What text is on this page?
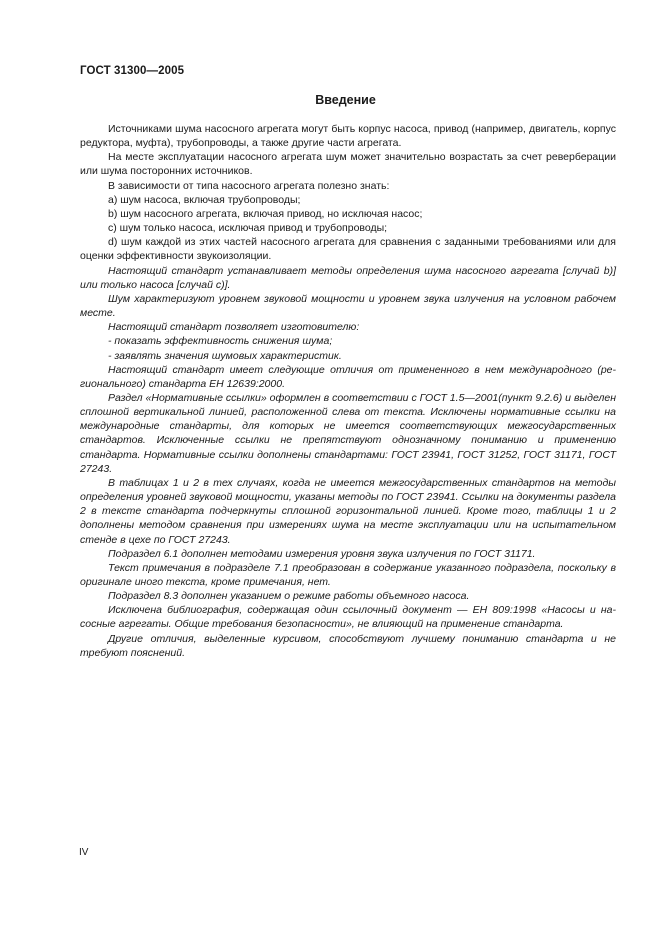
ГОСТ 31300—2005

Введение

Источниками шума насосного агрегата могут быть корпус насоса, привод (например, двигатель, корпус редуктора, муфта), трубопроводы, а также другие части агрегата.

На месте эксплуатации насосного агрегата шум может значительно возрастать за счет реверберации или шума посторонних источников.

В зависимости от типа насосного агрегата полезно знать:

а) шум насоса, включая трубопроводы;

b) шум насосного агрегата, включая привод, но исключая насос;

с) шум только насоса, исключая привод и трубопроводы;

d) шум каждой из этих частей насосного агрегата для сравнения с заданными требованиями или для оценки эффективности звукоизоляции.

Настоящий стандарт устанавливает методы определения шума насосного агрегата [случай b)] или только насоса [случай с)].

Шум характеризуют уровнем звуковой мощности и уровнем звука излучения на условном рабочем месте.

Настоящий стандарт позволяет изготовителю:

- показать эффективность снижения шума;

- заявлять значения шумовых характеристик.

Настоящий стандарт имеет следующие отличия от примененного в нем международного (регионального) стандарта ЕН 12639:2000.

Раздел «Нормативные ссылки» оформлен в соответствии с ГОСТ 1.5—2001(пункт 9.2.6) и выделен сплошной вертикальной линией, расположенной слева от текста. Исключены нормативные ссылки на международные стандарты, для которых не имеется соответствующих межгосударственных стандартов. Исключенные ссылки не препятствуют однозначному пониманию и применению стандарта. Нормативные ссылки дополнены стандартами: ГОСТ 23941, ГОСТ 31252, ГОСТ 31171, ГОСТ 27243.

В таблицах 1 и 2 в тех случаях, когда не имеется межгосударственных стандартов на методы определения уровней звуковой мощности, указаны методы по ГОСТ 23941. Ссылки на документы раздела 2 в тексте стандарта подчеркнуты сплошной горизонтальной линией. Кроме того, таблицы 1 и 2 дополнены методом сравнения при измерениях шума на месте эксплуатации или на испытательном стенде в цехе по ГОСТ 27243.

Подраздел 6.1 дополнен методами измерения уровня звука излучения по ГОСТ 31171.

Текст примечания в подразделе 7.1 преобразован в содержание указанного подраздела, поскольку в оригинале иного текста, кроме примечания, нет.

Подраздел 8.3 дополнен указанием о режиме работы объемного насоса.

Исключена библиография, содержащая один ссылочный документ — ЕН 809:1998 «Насосы и насосные агрегаты. Общие требования безопасности», не влияющий на применение стандарта.

Другие отличия, выделенные курсивом, способствуют лучшему пониманию стандарта и не требуют пояснений.

IV
